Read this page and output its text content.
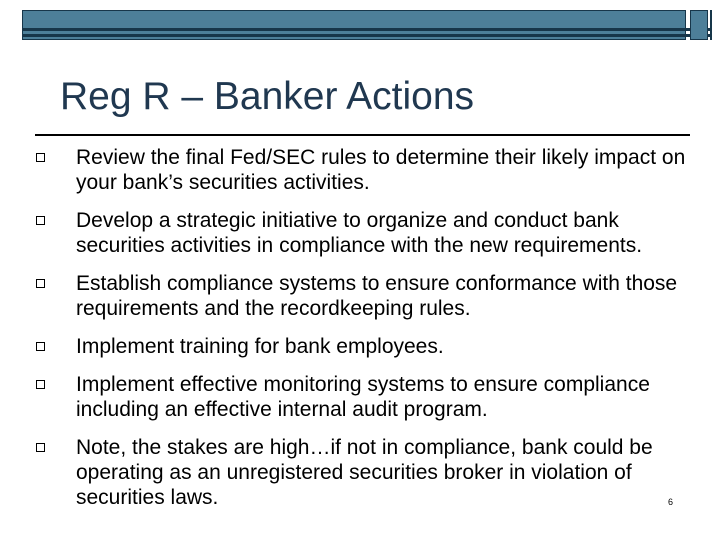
Reg R – Banker Actions
Review the final Fed/SEC rules to determine their likely impact on your bank’s securities activities.
Develop a strategic initiative to organize and conduct bank securities activities in compliance with the new requirements.
Establish compliance systems to ensure conformance with those requirements and the recordkeeping rules.
Implement training for bank employees.
Implement effective monitoring systems to ensure compliance including an effective internal audit program.
Note, the stakes are high…if not in compliance, bank could be operating as an unregistered securities broker in violation of securities laws.	6
